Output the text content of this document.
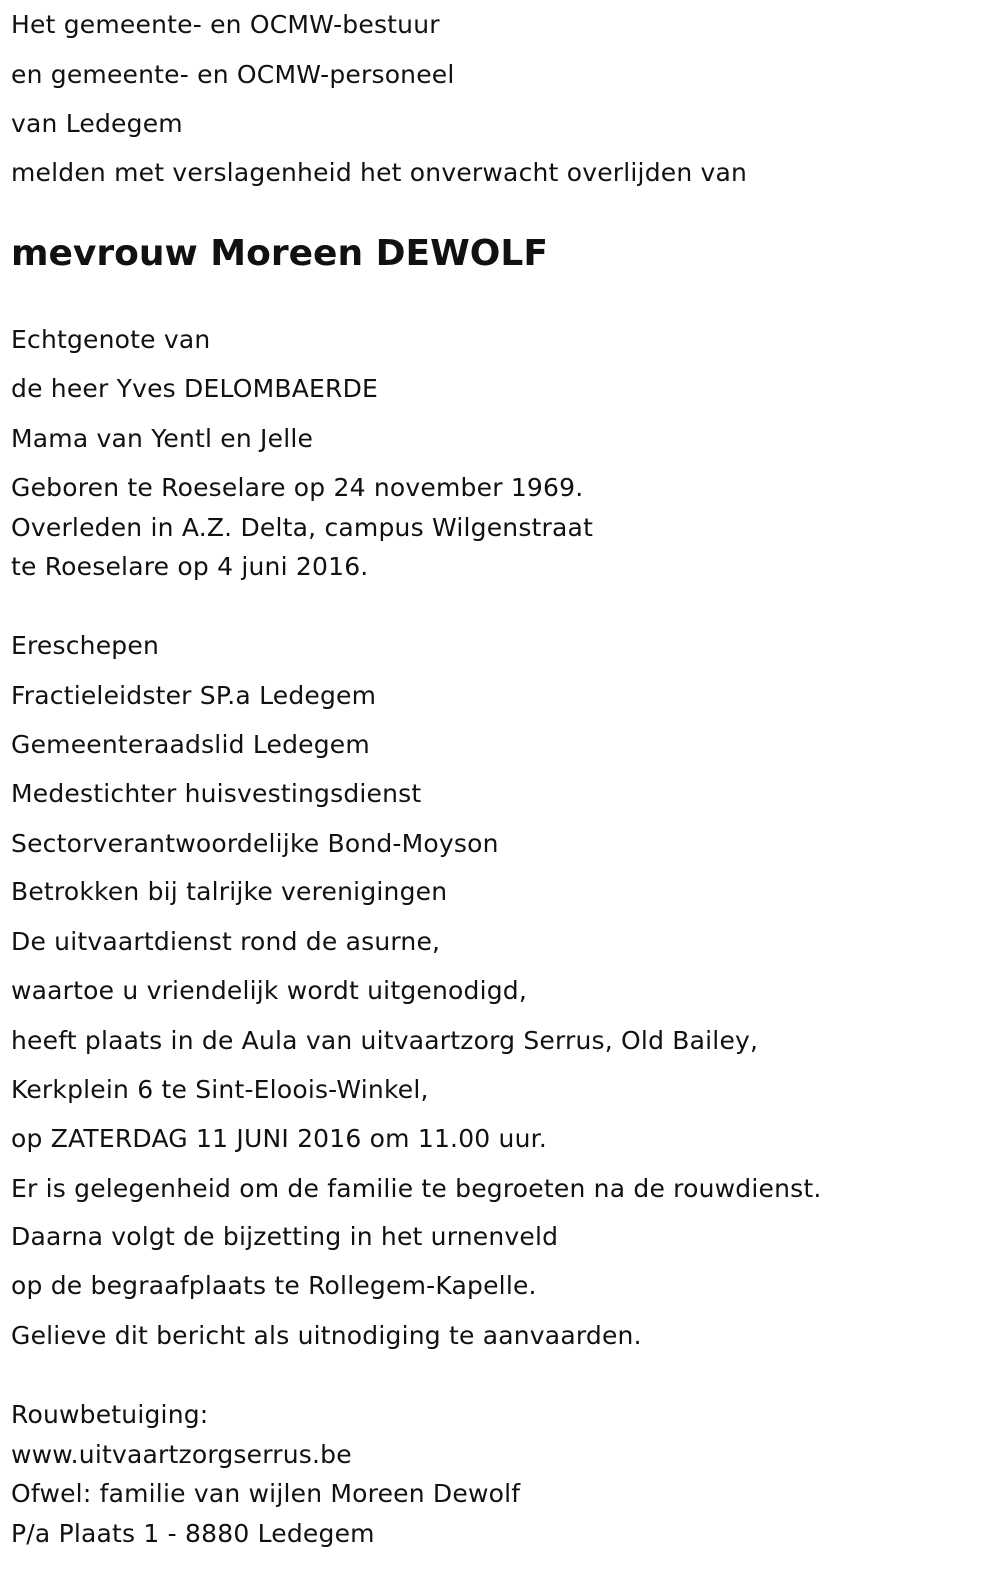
Het gemeente- en OCMW-bestuur

en gemeente- en OCMW-personeel

van Ledegem

melden met verslagenheid het onverwacht overlijden van

mevrouw Moreen DEWOLF

Echtgenote van

de heer Yves DELOMBAERDE

Mama van Yentl en Jelle

Geboren te Roeselare op 24 november 1969.

Overleden in A.Z. Delta, campus Wilgenstraat

te Roeselare op 4 juni 2016.

Ereschepen

Fractieleidster SP.a Ledegem

Gemeenteraadslid Ledegem

Medestichter huisvestingsdienst

Sectorverantwoordelijke Bond-Moyson

Betrokken bij talrijke verenigingen

De uitvaartdienst rond de asurne,

waartoe u vriendelijk wordt uitgenodigd,

heeft plaats in de Aula van uitvaartzorg Serrus, Old Bailey,

Kerkplein 6 te Sint-Eloois-Winkel,

op ZATERDAG 11 JUNI 2016 om 11.00 uur.

Er is gelegenheid om de familie te begroeten na de rouwdienst.

Daarna volgt de bijzetting in het urnenveld

op de begraafplaats te Rollegem-Kapelle.

Gelieve dit bericht als uitnodiging te aanvaarden.

Rouwbetuiging:

www.uitvaartzorgserrus.be

Ofwel: familie van wijlen Moreen Dewolf

P/a Plaats 1 - 8880 Ledegem
